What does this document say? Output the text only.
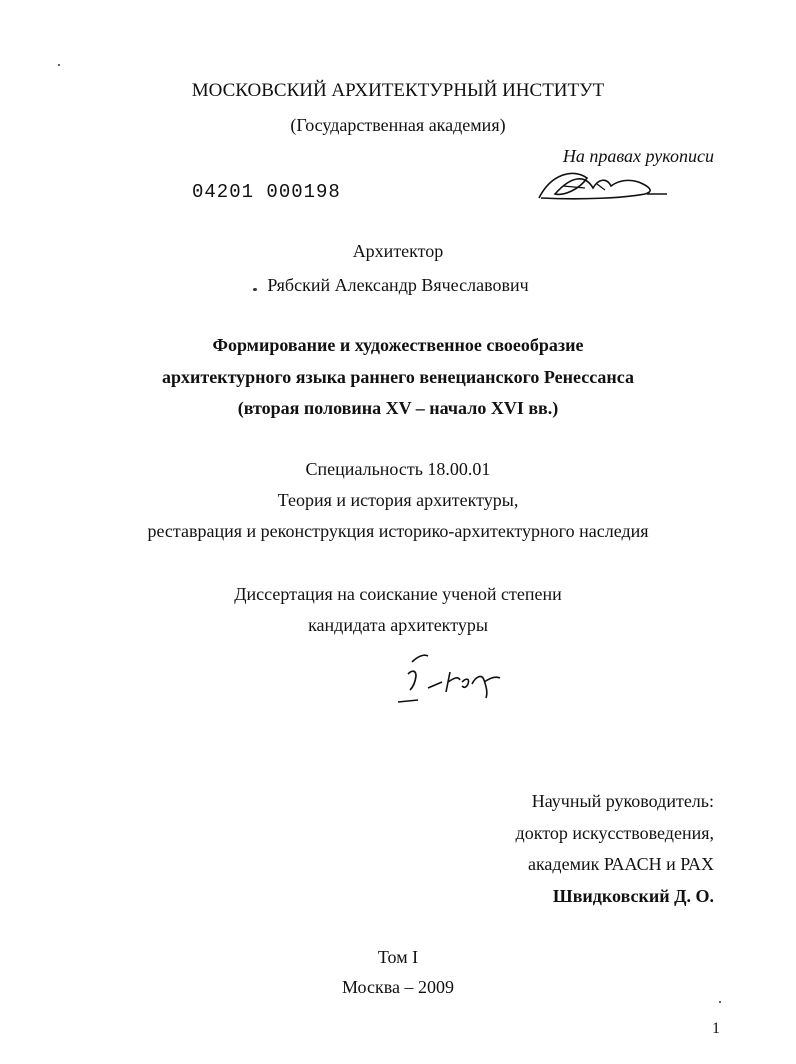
МОСКОВСКИЙ АРХИТЕКТУРНЫЙ ИНСТИТУТ
(Государственная академия)
На правах рукописи
04201 000198
Архитектор
Рябский Александр Вячеславович
Формирование и художественное своеобразие
архитектурного языка раннего венецианского Ренессанса
(вторая половина XV – начало XVI вв.)
Специальность 18.00.01
Теория и история архитектуры,
реставрация и реконструкция историко-архитектурного наследия
Диссертация на соискание ученой степени
кандидата архитектуры
Научный руководитель:
доктор искусствоведения,
академик РААСН и РАХ
Швидковский Д. О.
Том I
Москва – 2009
1
